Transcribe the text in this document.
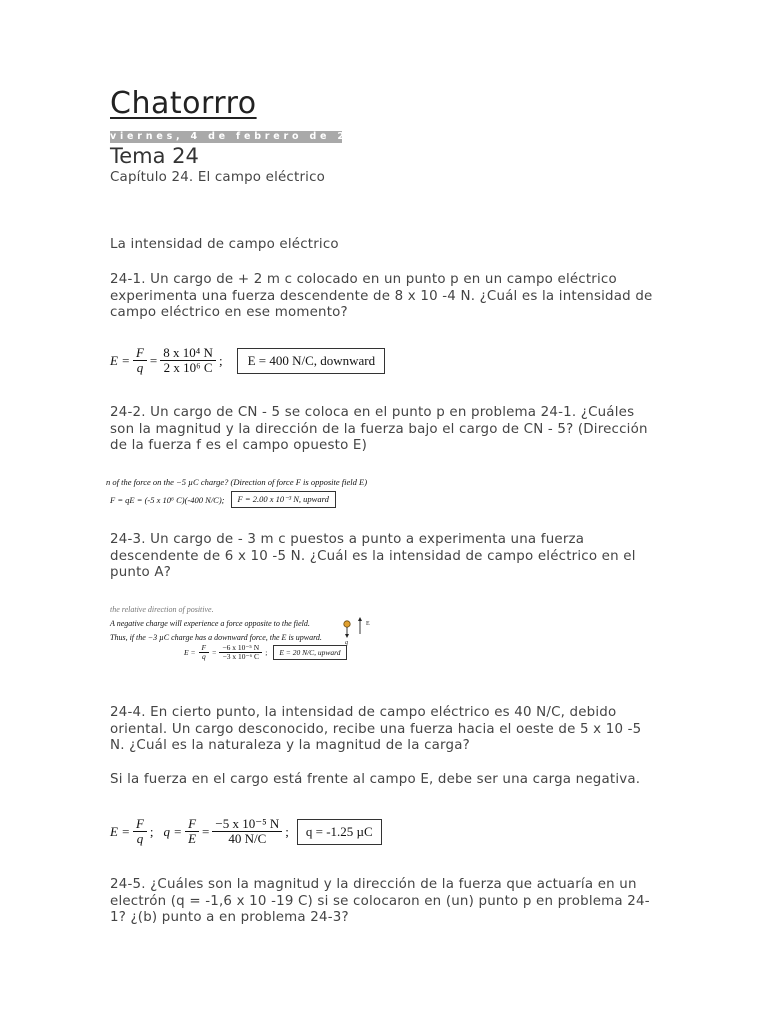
Chatorrro
viernes, 4 de febrero de 2011
Tema 24
Capítulo 24. El campo eléctrico
La intensidad de campo eléctrico
24-1. Un cargo de + 2 m c colocado en un punto p en un campo eléctrico experimenta una fuerza descendente de 8 x 10 -4 N. ¿Cuál es la intensidad de campo eléctrico en ese momento?
$E = \frac{F}{q} = \frac{\text{8 x 10⁴ N}}{\text{2 x 10⁶ C}}$ ;	E = 400 N/C, downward
24-2. Un cargo de CN - 5 se coloca en el punto p en problema 24-1. ¿Cuáles son la magnitud y la dirección de la fuerza bajo el cargo de CN - 5? (Dirección de la fuerza f es el campo opuesto E)
n of the force on the −5 µC charge? (Direction of force F is opposite field E)
F = qE = (-5 x 10⁶ C)(-400 N/C);	F = 2.00 x 10⁻³ N, upward
24-3. Un cargo de - 3 m c puestos a punto a experimenta una fuerza descendente de 6 x 10 -5 N. ¿Cuál es la intensidad de campo eléctrico en el punto A?
the relative direction of positive.
A negative charge will experience a force opposite to the field.
Thus, if the −3 µC charge has a downward force, the E is upward.
$E = \frac{F}{q} = \frac{\text{−6 x 10⁻⁵ N}}{\text{−3 x 10⁻⁶ C}}$ ;	E = 20 N/C, upward
E
q
24-4. En cierto punto, la intensidad de campo eléctrico es 40 N/C, debido oriental. Un cargo desconocido, recibe una fuerza hacia el oeste de 5 x 10 -5 N. ¿Cuál es la naturaleza y la magnitud de la carga?
Si la fuerza en el cargo está frente al campo E, debe ser una carga negativa.
$E = \frac{F}{q}$ ; $q = \frac{F}{E} = \frac{\text{−5 x 10⁻⁵ N}}{40 N/C}$ ;	q = -1.25 µC
24-5. ¿Cuáles son la magnitud y la dirección de la fuerza que actuaría en un electrón (q = -1,6 x 10 -19 C) si se colocaron en (un) punto p en problema 24-1? ¿(b) punto a en problema 24-3?
